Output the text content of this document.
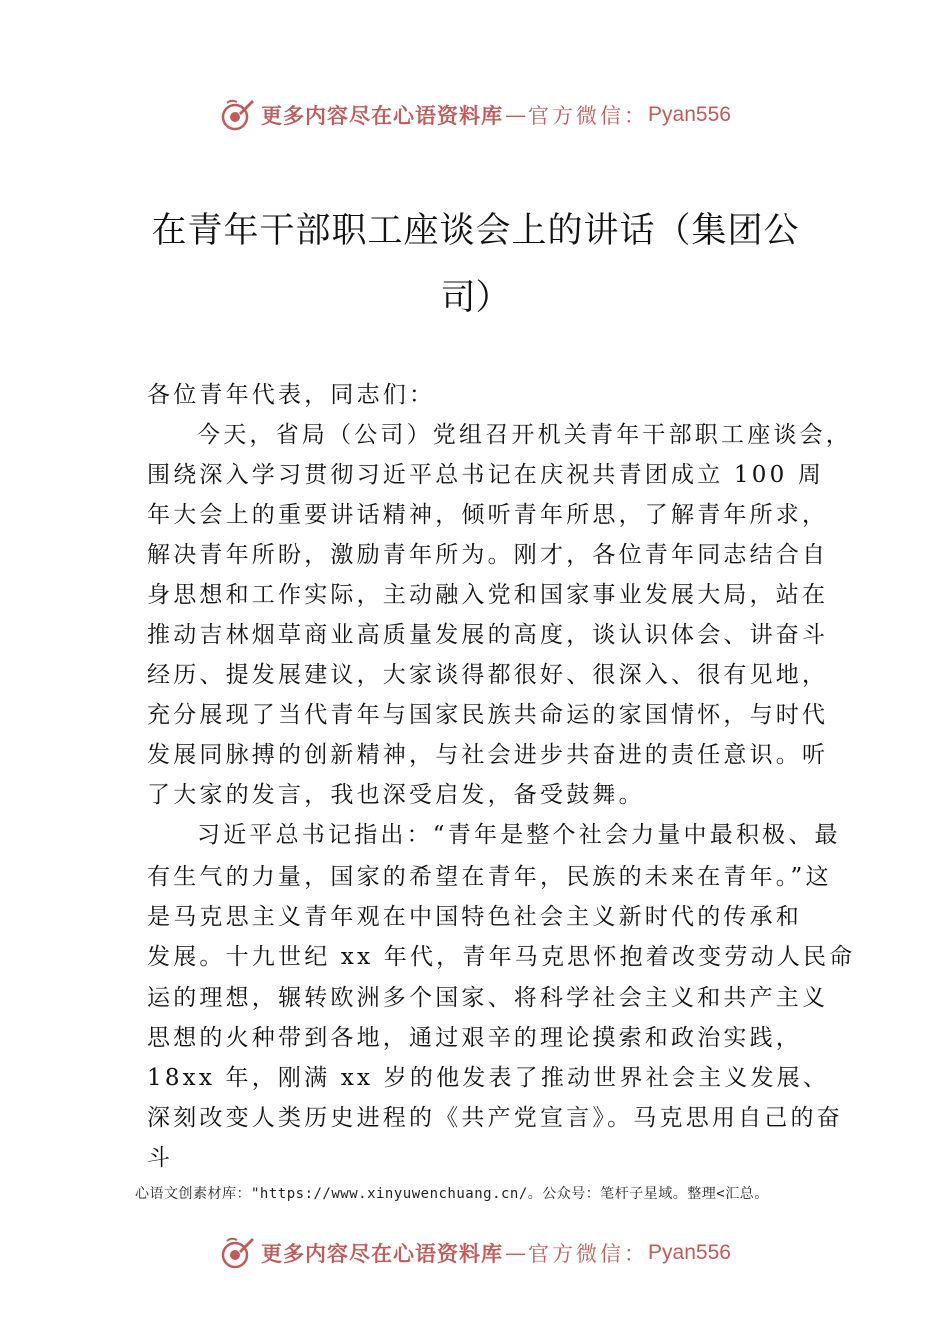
更多内容尽在心语资料库 — 官方微信： Pyan556
在青年干部职工座谈会上的讲话（集团公
司）
各位青年代表，同志们：
今天，省局（公司）党组召开机关青年干部职工座谈会，
围绕深入学习贯彻习近平总书记在庆祝共青团成立 100 周
年大会上的重要讲话精神，倾听青年所思，了解青年所求，
解决青年所盼，激励青年所为。刚才，各位青年同志结合自
身思想和工作实际，主动融入党和国家事业发展大局，站在
推动吉林烟草商业高质量发展的高度，谈认识体会、讲奋斗
经历、提发展建议，大家谈得都很好、很深入、很有见地，
充分展现了当代青年与国家民族共命运的家国情怀，与时代
发展同脉搏的创新精神，与社会进步共奋进的责任意识。听
了大家的发言，我也深受启发，备受鼓舞。
习近平总书记指出：“青年是整个社会力量中最积极、最
有生气的力量，国家的希望在青年，民族的未来在青年。”这
是马克思主义青年观在中国特色社会主义新时代的传承和
发展。十九世纪 xx 年代，青年马克思怀抱着改变劳动人民命
运的理想，辗转欧洲多个国家、将科学社会主义和共产主义
思想的火种带到各地，通过艰辛的理论摸索和政治实践，
18xx 年，刚满 xx 岁的他发表了推动世界社会主义发展、
深刻改变人类历史进程的《共产党宣言》。马克思用自己的奋
斗
心语文创素材库："https://www.xinyuwenchuang.cn/。公众号：笔杆子星域。整理<汇总。
更多内容尽在心语资料库 — 官方微信： Pyan556
